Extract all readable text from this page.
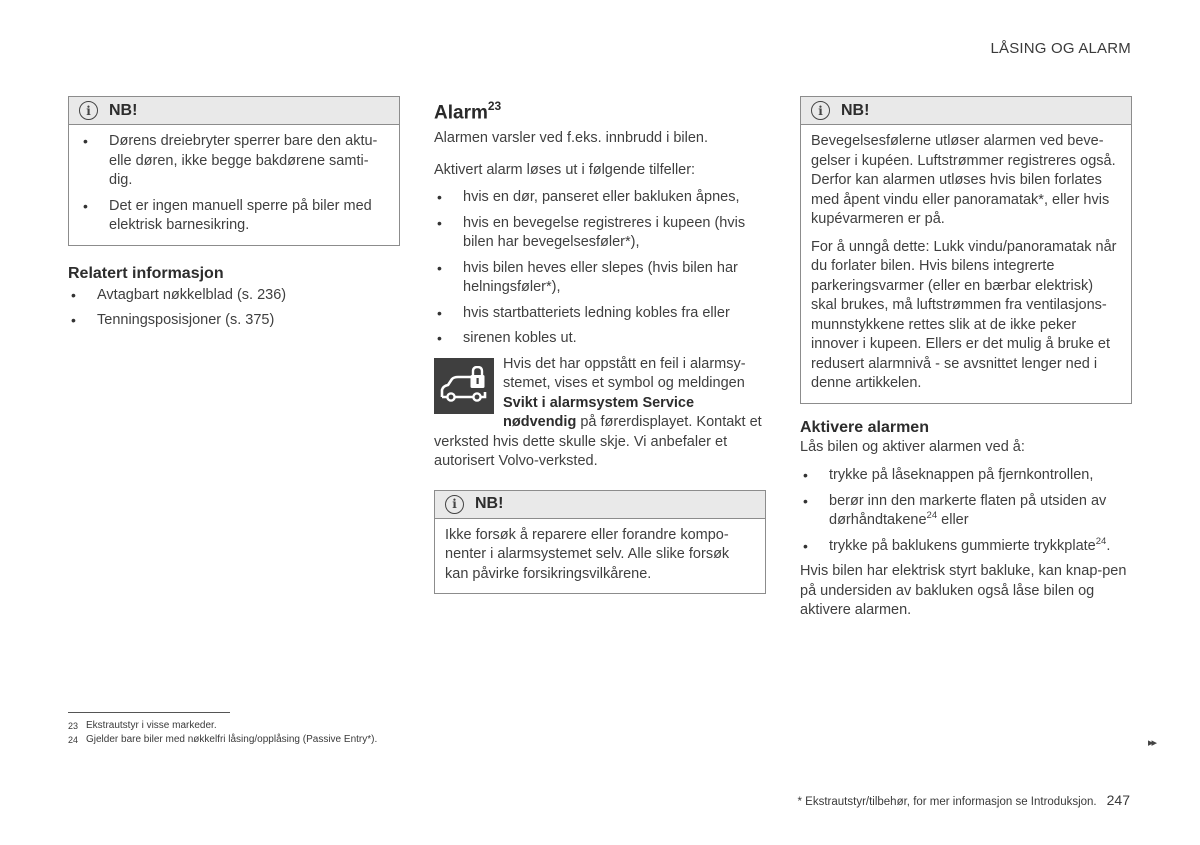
LÅSING OG ALARM
i	NB!
• Dørens dreiebryter sperrer bare den aktu-elle døren, ikke begge bakdørene samti-dig.
• Det er ingen manuell sperre på biler med elektrisk barnesikring.
Relatert informasjon
• Avtagbart nøkkelblad (s. 236)
• Tenningsposisjoner (s. 375)
Alarm$^{23}$
Alarmen varsler ved f.eks. innbrudd i bilen.
Aktivert alarm løses ut i følgende tilfeller:
• hvis en dør, panseret eller bakluken åpnes,
• hvis en bevegelse registreres i kupeen (hvis bilen har bevegelsesføler*),
• hvis bilen heves eller slepes (hvis bilen har helningsføler*),
• hvis startbatteriets ledning kobles fra eller
• sirenen kobles ut.
Hvis det har oppstått en feil i alarmsy-stemet, vises et symbol og meldingen Svikt i alarmsystem Service nødvendig på førerdisplayet. Kontakt et verksted hvis dette skulle skje. Vi anbefaler et autorisert Volvo-verksted.
i	NB!

Ikke forsøk å reparere eller forandre kompo-nenter i alarmsystemet selv. Alle slike forsøk kan påvirke forsikringsvilkårene.

i	NB!

Bevegelsesfølerne utløser alarmen ved beve-gelser i kupéen. Luftstrømmer registreres også. Derfor kan alarmen utløses hvis bilen forlates med åpent vindu eller panoramatak*, eller hvis kupévarmeren er på.

For å unngå dette: Lukk vindu/panoramatak når du forlater bilen. Hvis bilens integrerte parkeringsvarmer (eller en bærbar elektrisk) skal brukes, må luftstrømmen fra ventilasjons-munnstykkene rettes slik at de ikke peker innover i kupeen. Ellers er det mulig å bruke et redusert alarmnivå - se avsnittet lenger ned i denne artikkelen.

Aktivere alarmen
Lås bilen og aktiver alarmen ved å:
• trykke på låseknappen på fjernkontrollen,
• berør inn den markerte flaten på utsiden av dørhåndtakene$^{24}$ eller
• trykke på baklukens gummierte trykkplate$^{24}$.
Hvis bilen har elektrisk styrt bakluke, kan knap-pen på undersiden av bakluken også låse bilen og aktivere alarmen.
23 Ekstrautstyr i visse markeder.
24 Gjelder bare biler med nøkkelfri låsing/opplåsing (Passive Entry*).	▸▸
* Ekstrautstyr/tilbehør, for mer informasjon se Introduksjon. 247
